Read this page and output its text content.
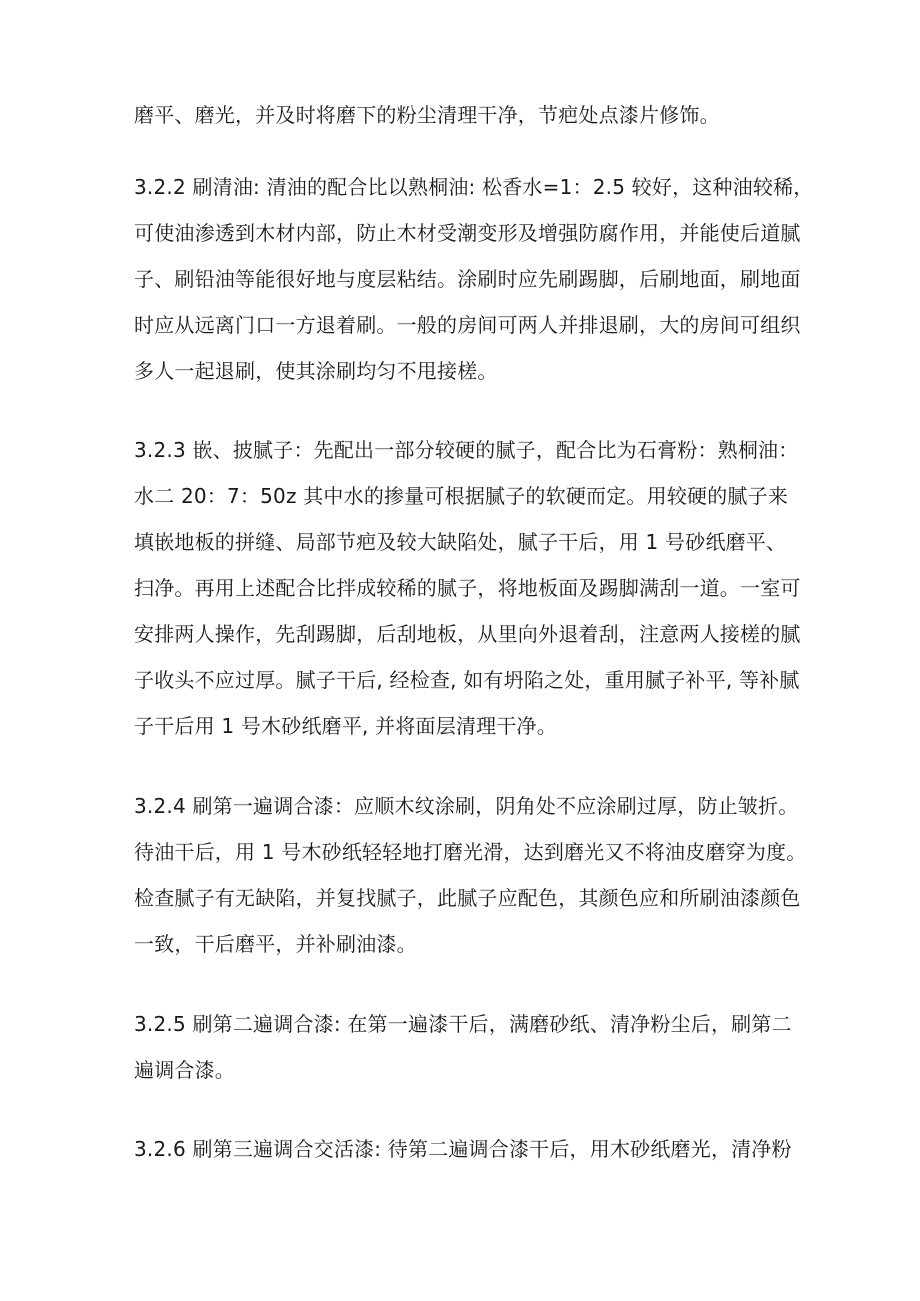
磨平、磨光，并及时将磨下的粉尘清理干净，节疤处点漆片修饰。
3.2.2 刷清油: 清油的配合比以熟桐油: 松香水=1：2.5 较好，这种油较稀，
可使油渗透到木材内部，防止木材受潮变形及增强防腐作用，并能使后道腻
子、刷铅油等能很好地与度层粘结。涂刷时应先刷踢脚，后刷地面，刷地面
时应从远离门口一方退着刷。一般的房间可两人并排退刷，大的房间可组织
多人一起退刷，使其涂刷均匀不甩接槎。
3.2.3 嵌、披腻子：先配出一部分较硬的腻子，配合比为石膏粉：熟桐油：
水二 20：7：50z 其中水的掺量可根据腻子的软硬而定。用较硬的腻子来
填嵌地板的拼缝、局部节疤及较大缺陷处，腻子干后，用 1 号砂纸磨平、
扫净。再用上述配合比拌成较稀的腻子，将地板面及踢脚满刮一道。一室可
安排两人操作，先刮踢脚，后刮地板，从里向外退着刮，注意两人接槎的腻
子收头不应过厚。腻子干后, 经检查, 如有坍陷之处，重用腻子补平, 等补腻
子干后用 1 号木砂纸磨平, 并将面层清理干净。
3.2.4 刷第一遍调合漆：应顺木纹涂刷，阴角处不应涂刷过厚，防止皱折。
待油干后，用 1 号木砂纸轻轻地打磨光滑，达到磨光又不将油皮磨穿为度。
检查腻子有无缺陷，并复找腻子，此腻子应配色，其颜色应和所刷油漆颜色
一致，干后磨平，并补刷油漆。
3.2.5 刷第二遍调合漆: 在第一遍漆干后，满磨砂纸、清净粉尘后，刷第二
遍调合漆。
3.2.6 刷第三遍调合交活漆: 待第二遍调合漆干后，用木砂纸磨光，清净粉
